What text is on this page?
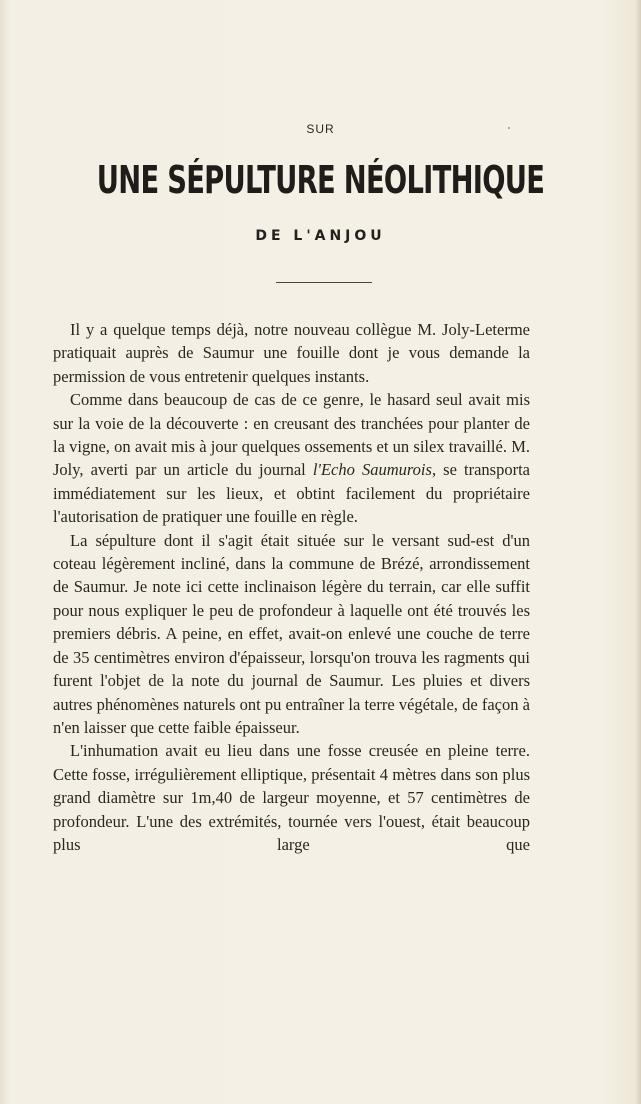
SUR
UNE SÉPULTURE NÉOLITHIQUE
DE L'ANJOU

Il y a quelque temps déjà, notre nouveau collègue M. Joly-Leterme pratiquait auprès de Saumur une fouille dont je vous demande la permission de vous entretenir quelques instants.

Comme dans beaucoup de cas de ce genre, le hasard seul avait mis sur la voie de la découverte : en creusant des tranchées pour planter de la vigne, on avait mis à jour quelques ossements et un silex travaillé. M. Joly, averti par un article du journal l'Echo Saumurois, se transporta immédiatement sur les lieux, et obtint facilement du propriétaire l'autorisation de pratiquer une fouille en règle.

La sépulture dont il s'agit était située sur le versant sud-est d'un coteau légèrement incliné, dans la commune de Brézé, arrondissement de Saumur. Je note ici cette inclinaison légère du terrain, car elle suffit pour nous expliquer le peu de profondeur à laquelle ont été trouvés les premiers débris. A peine, en effet, avait-on enlevé une couche de terre de 35 centimètres environ d'épaisseur, lorsqu'on trouva les ragments qui furent l'objet de la note du journal de Saumur. Les pluies et divers autres phénomènes naturels ont pu entraîner la terre végétale, de façon à n'en laisser que cette faible épaisseur.

L'inhumation avait eu lieu dans une fosse creusée en pleine terre. Cette fosse, irrégulièrement elliptique, présentait 4 mètres dans son plus grand diamètre sur 1m,40 de largeur moyenne, et 57 centimètres de profondeur. L'une des extrémités, tournée vers l'ouest, était beaucoup plus large que
